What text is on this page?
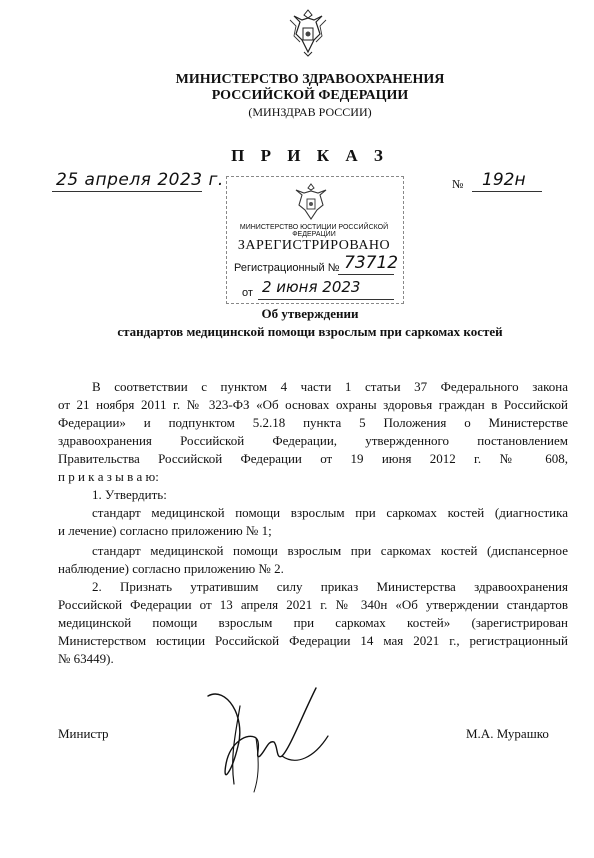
МИНИСТЕРСТВО ЗДРАВООХРАНЕНИЯ
РОССИЙСКОЙ ФЕДЕРАЦИИ
(МИНЗДРАВ РОССИИ)
П Р И К А З
25 апреля 2023 г.	№ 192н
МИНИСТЕРСТВО ЮСТИЦИИ РОССИЙСКОЙ ФЕДЕРАЦИИ
ЗАРЕГИСТРИРОВАНО
Регистрационный № 73712
от 2 июня 2023
Об утверждении
стандартов медицинской помощи взрослым при саркомах костей
В соответствии с пунктом 4 части 1 статьи 37 Федерального закона
от 21 ноября 2011 г. № 323-ФЗ «Об основах охраны здоровья граждан в Российской
Федерации» и подпунктом 5.2.18 пункта 5 Положения о Министерстве
здравоохранения Российской Федерации, утвержденного постановлением
Правительства Российской Федерации от 19 июня 2012 г. № 608,
п р и к а з ы в а ю:
1. Утвердить:
стандарт медицинской помощи взрослым при саркомах костей (диагностика
и лечение) согласно приложению № 1;
стандарт медицинской помощи взрослым при саркомах костей (диспансерное
наблюдение) согласно приложению № 2.
2. Признать утратившим силу приказ Министерства здравоохранения
Российской Федерации от 13 апреля 2021 г. № 340н «Об утверждении стандартов
медицинской помощи взрослым при саркомах костей» (зарегистрирован
Министерством юстиции Российской Федерации 14 мая 2021 г., регистрационный
№ 63449).
Министр	М.А. Мурашко
